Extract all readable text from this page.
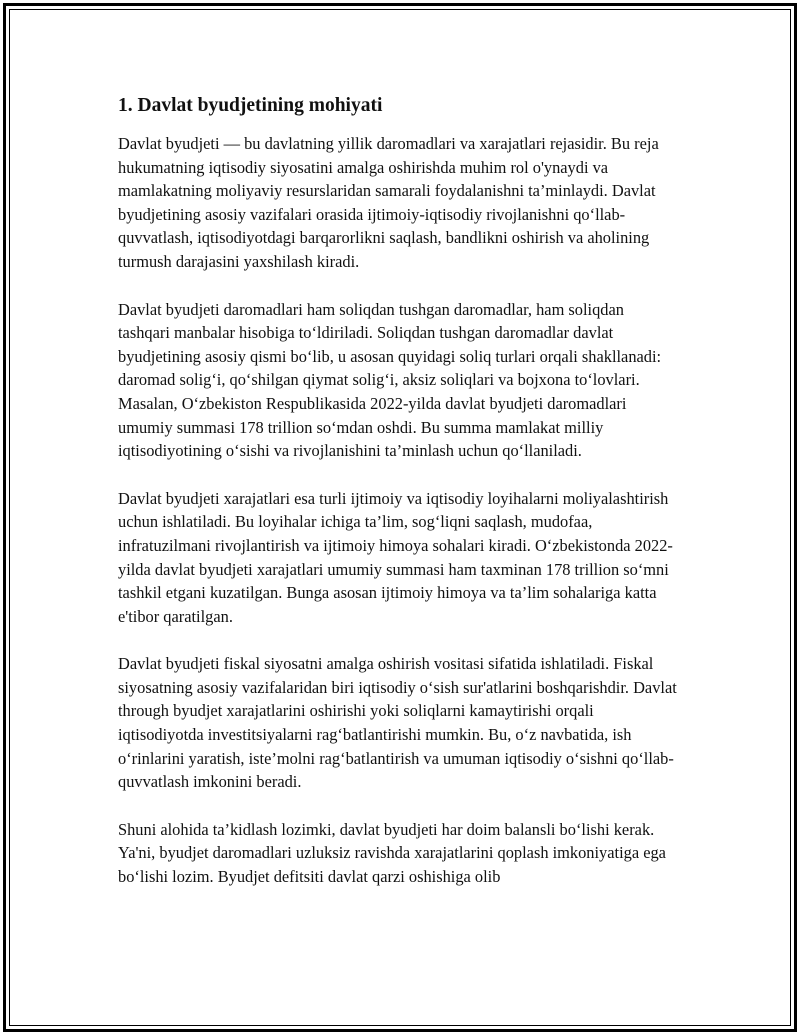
1. Davlat byudjetining mohiyati

Davlat byudjeti — bu davlatning yillik daromadlari va xarajatlari rejasidir. Bu reja hukumatning iqtisodiy siyosatini amalga oshirishda muhim rol o'ynaydi va mamlakatning moliyaviy resurslaridan samarali foydalanishni ta’minlaydi. Davlat byudjetining asosiy vazifalari orasida ijtimoiy-iqtisodiy rivojlanishni qo‘llab-quvvatlash, iqtisodiyotdagi barqarorlikni saqlash, bandlikni oshirish va aholining turmush darajasini yaxshilash kiradi.

Davlat byudjeti daromadlari ham soliqdan tushgan daromadlar, ham soliqdan tashqari manbalar hisobiga to‘ldiriladi. Soliqdan tushgan daromadlar davlat byudjetining asosiy qismi bo‘lib, u asosan quyidagi soliq turlari orqali shakllanadi: daromad solig‘i, qo‘shilgan qiymat solig‘i, aksiz soliqlari va bojxona to‘lovlari. Masalan, O‘zbekiston Respublikasida 2022-yilda davlat byudjeti daromadlari umumiy summasi 178 trillion so‘mdan oshdi. Bu summa mamlakat milliy iqtisodiyotining o‘sishi va rivojlanishini ta’minlash uchun qo‘llaniladi.

Davlat byudjeti xarajatlari esa turli ijtimoiy va iqtisodiy loyihalarni moliyalashtirish uchun ishlatiladi. Bu loyihalar ichiga ta’lim, sog‘liqni saqlash, mudofaa, infratuzilmani rivojlantirish va ijtimoiy himoya sohalari kiradi. O‘zbekistonda 2022-yilda davlat byudjeti xarajatlari umumiy summasi ham taxminan 178 trillion so‘mni tashkil etgani kuzatilgan. Bunga asosan ijtimoiy himoya va ta’lim sohalariga katta e'tibor qaratilgan.

Davlat byudjeti fiskal siyosatni amalga oshirish vositasi sifatida ishlatiladi. Fiskal siyosatning asosiy vazifalaridan biri iqtisodiy o‘sish sur'atlarini boshqarishdir. Davlat through byudjet xarajatlarini oshirishi yoki soliqlarni kamaytirishi orqali iqtisodiyotda investitsiyalarni rag‘batlantirishi mumkin. Bu, o‘z navbatida, ish o‘rinlarini yaratish, iste’molni rag‘batlantirish va umuman iqtisodiy o‘sishni qo‘llab-quvvatlash imkonini beradi.

Shuni alohida ta’kidlash lozimki, davlat byudjeti har doim balansli bo‘lishi kerak. Ya'ni, byudjet daromadlari uzluksiz ravishda xarajatlarini qoplash imkoniyatiga ega bo‘lishi lozim. Byudjet defitsiti davlat qarzi oshishiga olib
